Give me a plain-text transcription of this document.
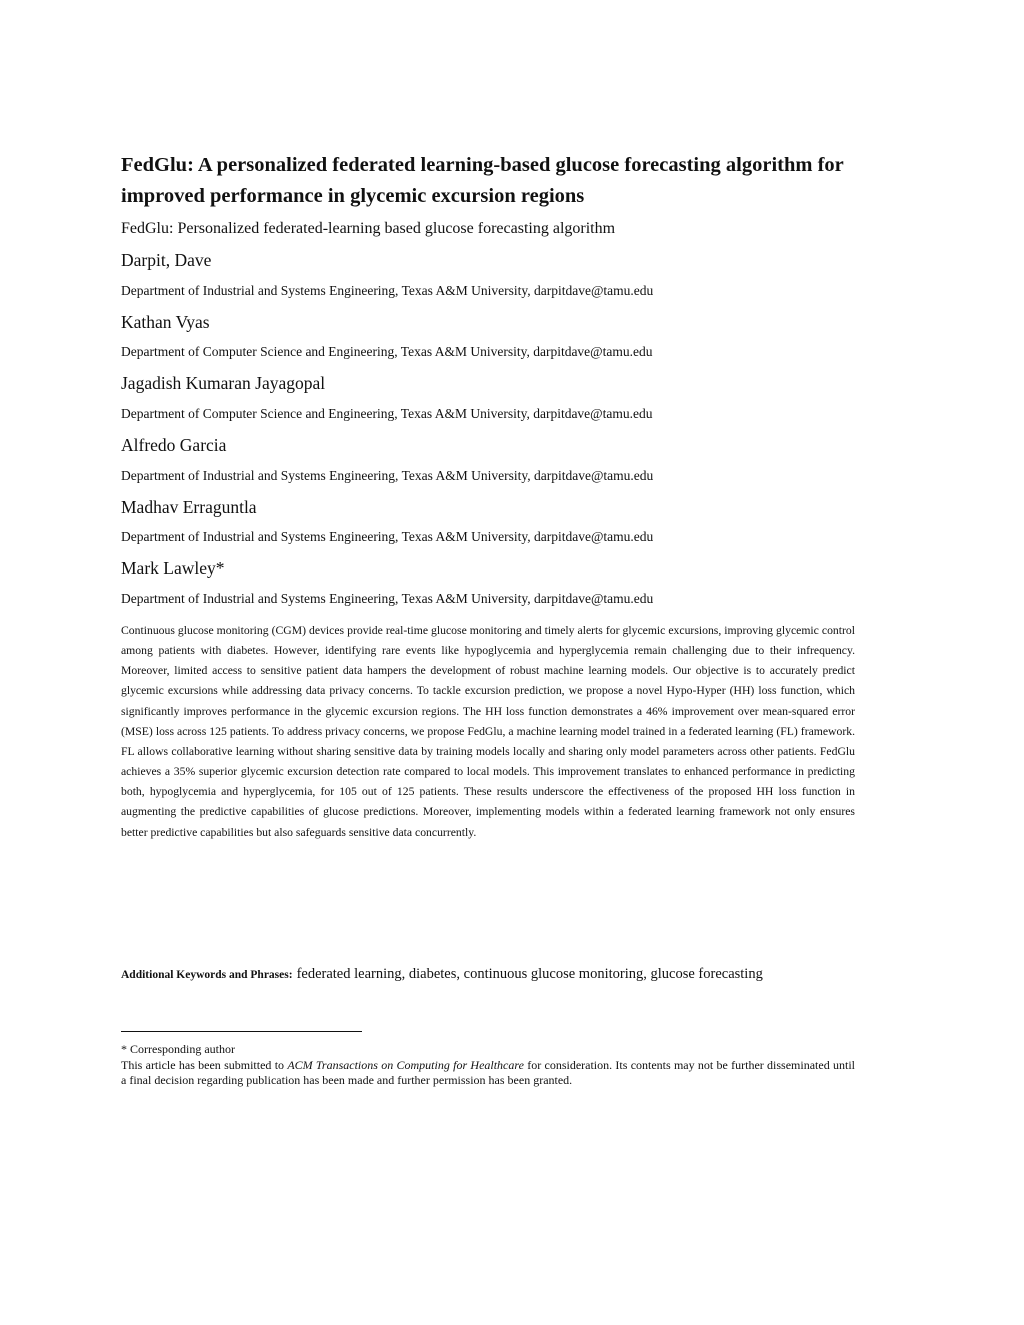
FedGlu: A personalized federated learning-based glucose forecasting algorithm for improved performance in glycemic excursion regions
FedGlu: Personalized federated-learning based glucose forecasting algorithm
Darpit, Dave
Department of Industrial and Systems Engineering, Texas A&M University, darpitdave@tamu.edu
Kathan Vyas
Department of Computer Science and Engineering, Texas A&M University, darpitdave@tamu.edu
Jagadish Kumaran Jayagopal
Department of Computer Science and Engineering, Texas A&M University, darpitdave@tamu.edu
Alfredo Garcia
Department of Industrial and Systems Engineering, Texas A&M University, darpitdave@tamu.edu
Madhav Erraguntla
Department of Industrial and Systems Engineering, Texas A&M University, darpitdave@tamu.edu
Mark Lawley*
Department of Industrial and Systems Engineering, Texas A&M University, darpitdave@tamu.edu

Continuous glucose monitoring (CGM) devices provide real-time glucose monitoring and timely alerts for glycemic excursions, improving glycemic control among patients with diabetes. However, identifying rare events like hypoglycemia and hyperglycemia remain challenging due to their infrequency. Moreover, limited access to sensitive patient data hampers the development of robust machine learning models. Our objective is to accurately predict glycemic excursions while addressing data privacy concerns. To tackle excursion prediction, we propose a novel Hypo-Hyper (HH) loss function, which significantly improves performance in the glycemic excursion regions. The HH loss function demonstrates a 46% improvement over mean-squared error (MSE) loss across 125 patients. To address privacy concerns, we propose FedGlu, a machine learning model trained in a federated learning (FL) framework. FL allows collaborative learning without sharing sensitive data by training models locally and sharing only model parameters across other patients. FedGlu achieves a 35% superior glycemic excursion detection rate compared to local models. This improvement translates to enhanced performance in predicting both, hypoglycemia and hyperglycemia, for 105 out of 125 patients. These results underscore the effectiveness of the proposed HH loss function in augmenting the predictive capabilities of glucose predictions. Moreover, implementing models within a federated learning framework not only ensures better predictive capabilities but also safeguards sensitive data concurrently.

Additional Keywords and Phrases: federated learning, diabetes, continuous glucose monitoring, glucose forecasting

* Corresponding author

This article has been submitted to ACM Transactions on Computing for Healthcare for consideration. Its contents may not be further disseminated until a final decision regarding publication has been made and further permission has been granted.
